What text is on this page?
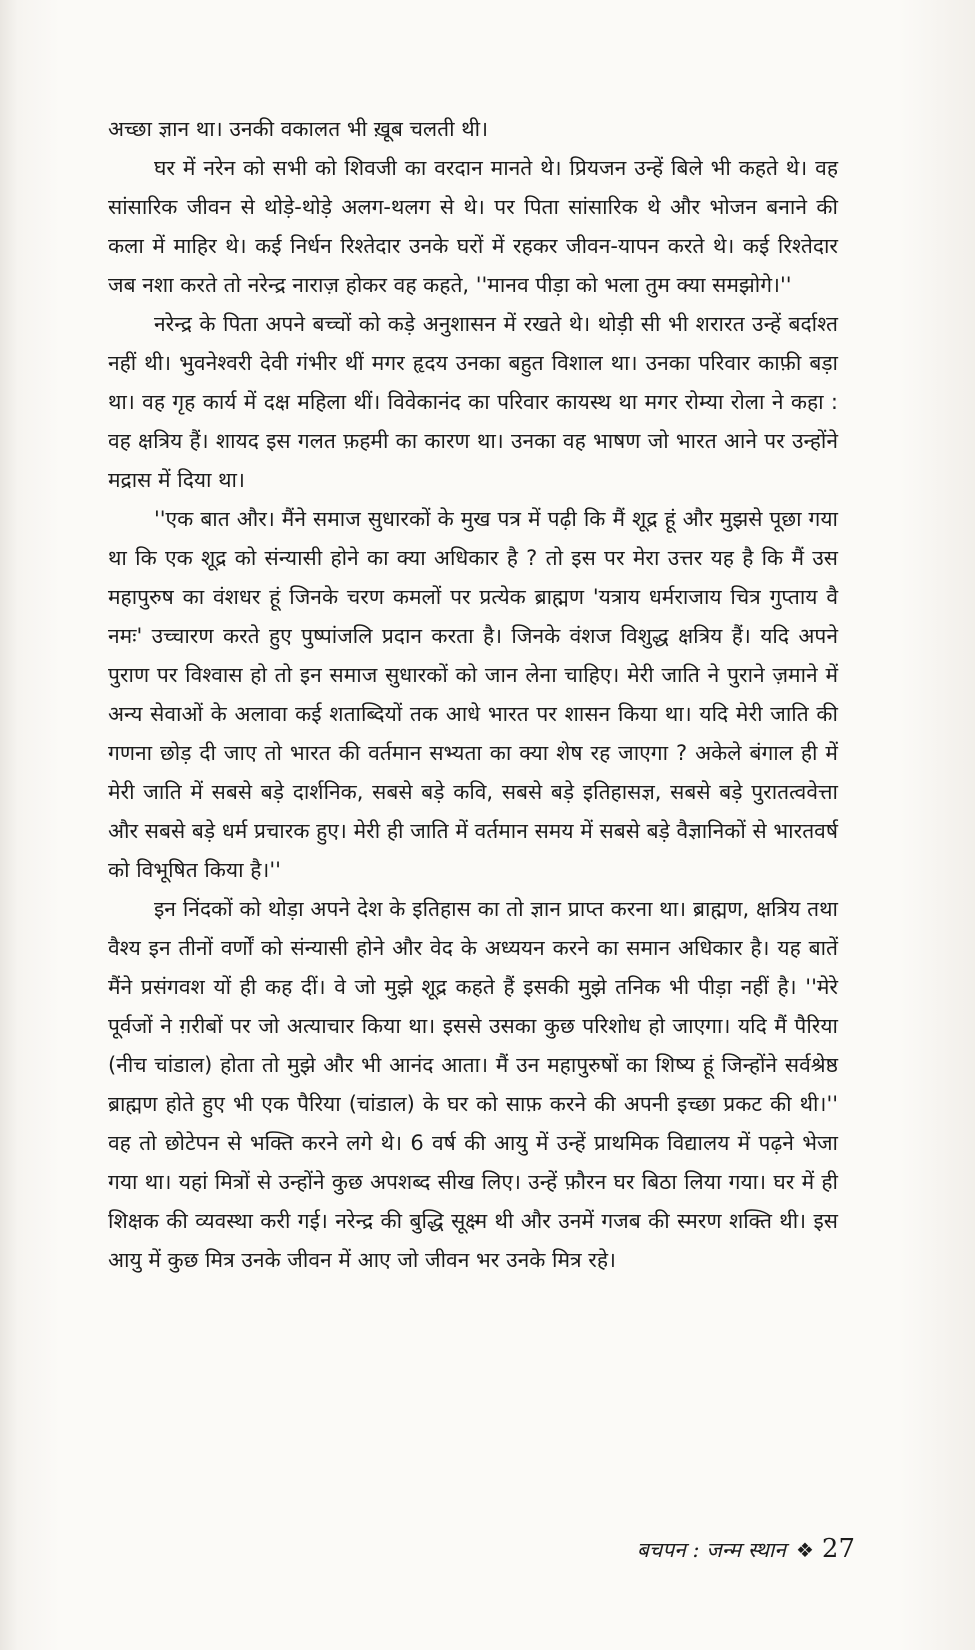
अच्छा ज्ञान था। उनकी वकालत भी ख़ूब चलती थी।

घर में नरेन को सभी को शिवजी का वरदान मानते थे। प्रियजन उन्हें बिले भी कहते थे। वह सांसारिक जीवन से थोड़े-थोड़े अलग-थलग से थे। पर पिता सांसारिक थे और भोजन बनाने की कला में माहिर थे। कई निर्धन रिश्तेदार उनके घरों में रहकर जीवन-यापन करते थे। कई रिश्तेदार जब नशा करते तो नरेन्द्र नाराज़ होकर वह कहते, ''मानव पीड़ा को भला तुम क्या समझोगे।''

नरेन्द्र के पिता अपने बच्चों को कड़े अनुशासन में रखते थे। थोड़ी सी भी शरारत उन्हें बर्दाश्त नहीं थी। भुवनेश्वरी देवी गंभीर थीं मगर हृदय उनका बहुत विशाल था। उनका परिवार काफ़ी बड़ा था। वह गृह कार्य में दक्ष महिला थीं। विवेकानंद का परिवार कायस्थ था मगर रोम्या रोला ने कहा : वह क्षत्रिय हैं। शायद इस गलत फ़हमी का कारण था। उनका वह भाषण जो भारत आने पर उन्होंने मद्रास में दिया था।

''एक बात और। मैंने समाज सुधारकों के मुख पत्र में पढ़ी कि मैं शूद्र हूं और मुझसे पूछा गया था कि एक शूद्र को संन्यासी होने का क्या अधिकार है ? तो इस पर मेरा उत्तर यह है कि मैं उस महापुरुष का वंशधर हूं जिनके चरण कमलों पर प्रत्येक ब्राह्मण 'यत्राय धर्मराजाय चित्र गुप्ताय वै नमः' उच्चारण करते हुए पुष्पांजलि प्रदान करता है। जिनके वंशज विशुद्ध क्षत्रिय हैं। यदि अपने पुराण पर विश्वास हो तो इन समाज सुधारकों को जान लेना चाहिए। मेरी जाति ने पुराने ज़माने में अन्य सेवाओं के अलावा कई शताब्दियों तक आधे भारत पर शासन किया था। यदि मेरी जाति की गणना छोड़ दी जाए तो भारत की वर्तमान सभ्यता का क्या शेष रह जाएगा ? अकेले बंगाल ही में मेरी जाति में सबसे बड़े दार्शनिक, सबसे बड़े कवि, सबसे बड़े इतिहासज्ञ, सबसे बड़े पुरातत्ववेत्ता और सबसे बड़े धर्म प्रचारक हुए। मेरी ही जाति में वर्तमान समय में सबसे बड़े वैज्ञानिकों से भारतवर्ष को विभूषित किया है।''

इन निंदकों को थोड़ा अपने देश के इतिहास का तो ज्ञान प्राप्त करना था। ब्राह्मण, क्षत्रिय तथा वैश्य इन तीनों वर्णों को संन्यासी होने और वेद के अध्ययन करने का समान अधिकार है। यह बातें मैंने प्रसंगवश यों ही कह दीं। वे जो मुझे शूद्र कहते हैं इसकी मुझे तनिक भी पीड़ा नहीं है। ''मेरे पूर्वजों ने ग़रीबों पर जो अत्याचार किया था। इससे उसका कुछ परिशोध हो जाएगा। यदि मैं पैरिया (नीच चांडाल) होता तो मुझे और भी आनंद आता। मैं उन महापुरुषों का शिष्य हूं जिन्होंने सर्वश्रेष्ठ ब्राह्मण होते हुए भी एक पैरिया (चांडाल) के घर को साफ़ करने की अपनी इच्छा प्रकट की थी।'' वह तो छोटेपन से भक्ति करने लगे थे। 6 वर्ष की आयु में उन्हें प्राथमिक विद्यालय में पढ़ने भेजा गया था। यहां मित्रों से उन्होंने कुछ अपशब्द सीख लिए। उन्हें फ़ौरन घर बिठा लिया गया। घर में ही शिक्षक की व्यवस्था करी गई। नरेन्द्र की बुद्धि सूक्ष्म थी और उनमें गजब की स्मरण शक्ति थी। इस आयु में कुछ मित्र उनके जीवन में आए जो जीवन भर उनके मित्र रहे।

बचपन : जन्म स्थान ❖ 27
